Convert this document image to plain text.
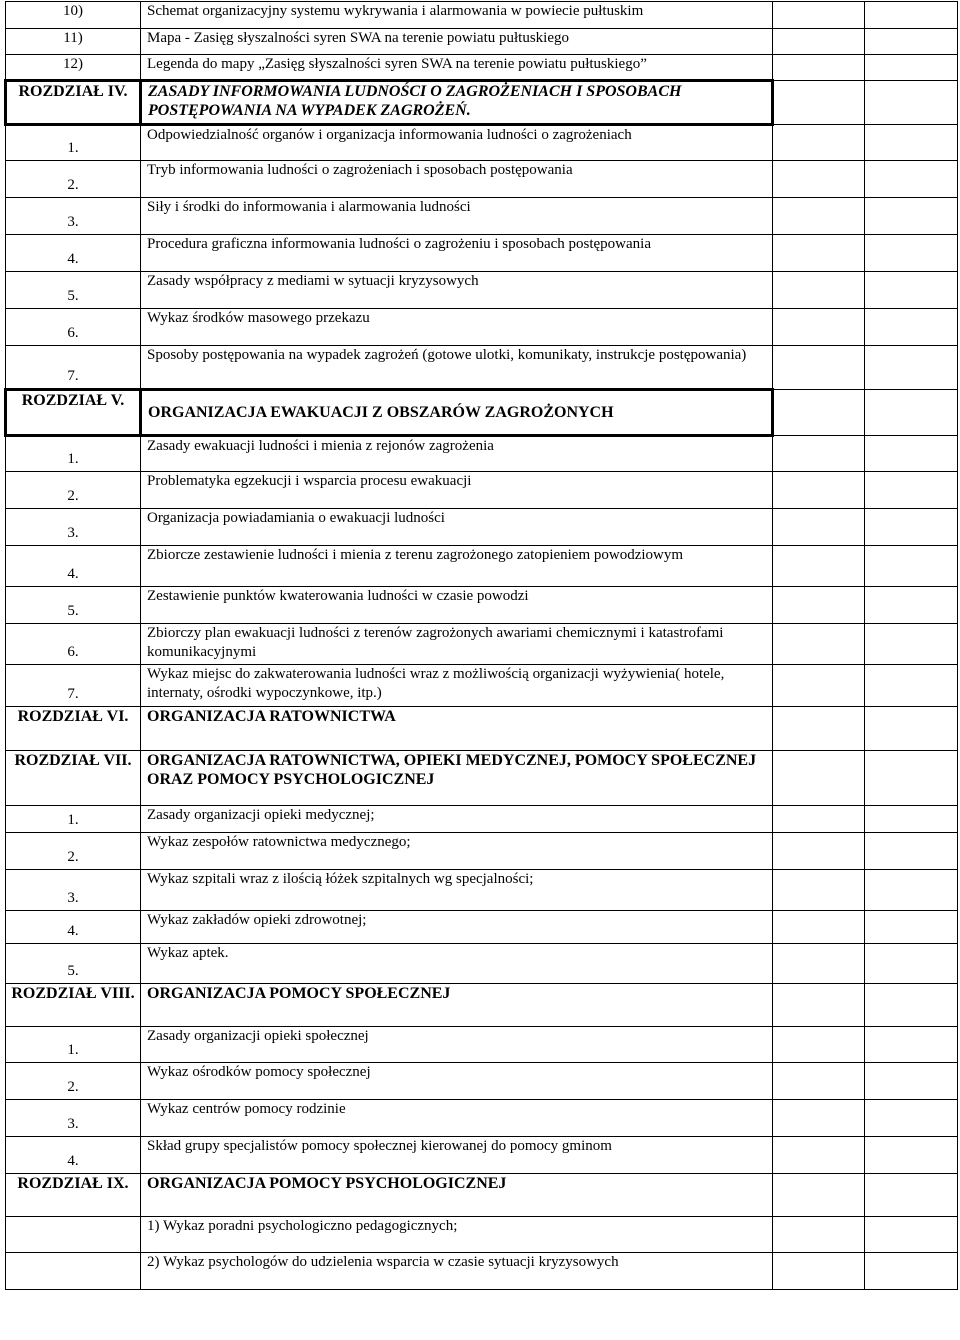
10)	Schemat organizacyjny systemu wykrywania i alarmowania w powiecie pułtuskim		
11)	Mapa - Zasięg słyszalności syren SWA na terenie powiatu pułtuskiego		
12)	Legenda do mapy „Zasięg słyszalności syren SWA na terenie powiatu pułtuskiego”		
ROZDZIAŁ IV.	ZASADY INFORMOWANIA LUDNOŚCI O ZAGROŻENIACH I SPOSOBACH POSTĘPOWANIA NA WYPADEK ZAGROŻEŃ.		
1.	Odpowiedzialność organów i organizacja informowania ludności o zagrożeniach		
2.	Tryb informowania ludności o zagrożeniach i sposobach postępowania		
3.	Siły i środki do informowania i alarmowania ludności		
4.	Procedura graficzna informowania ludności o zagrożeniu i sposobach postępowania		
5.	Zasady współpracy z mediami w sytuacji kryzysowych		
6.	Wykaz środków masowego przekazu		
7.	Sposoby postępowania na wypadek zagrożeń (gotowe ulotki, komunikaty, instrukcje postępowania)		
ROZDZIAŁ V.	ORGANIZACJA EWAKUACJI Z OBSZARÓW ZAGROŻONYCH		
1.	Zasady ewakuacji ludności i mienia z rejonów zagrożenia		
2.	Problematyka egzekucji i wsparcia procesu ewakuacji		
3.	Organizacja powiadamiania o ewakuacji ludności		
4.	Zbiorcze zestawienie ludności i mienia z terenu zagrożonego zatopieniem powodziowym		
5.	Zestawienie punktów kwaterowania ludności w czasie powodzi		
6.	Zbiorczy plan ewakuacji ludności z terenów zagrożonych awariami chemicznymi i katastrofami komunikacyjnymi		
7.	Wykaz miejsc do zakwaterowania ludności wraz z możliwością organizacji wyżywienia( hotele, internaty, ośrodki wypoczynkowe, itp.)		
ROZDZIAŁ VI.	ORGANIZACJA RATOWNICTWA		
ROZDZIAŁ VII.	ORGANIZACJA RATOWNICTWA, OPIEKI MEDYCZNEJ, POMOCY SPOŁECZNEJ ORAZ POMOCY PSYCHOLOGICZNEJ		
1.	Zasady organizacji opieki medycznej;		
2.	Wykaz zespołów ratownictwa medycznego;		
3.	Wykaz szpitali wraz z ilością łóżek szpitalnych wg specjalności;		
4.	Wykaz zakładów opieki zdrowotnej;		
5.	Wykaz aptek.		
ROZDZIAŁ VIII.	ORGANIZACJA POMOCY SPOŁECZNEJ		
1.	Zasady organizacji opieki społecznej		
2.	Wykaz ośrodków pomocy społecznej		
3.	Wykaz centrów pomocy rodzinie		
4.	Skład grupy specjalistów pomocy społecznej kierowanej do pomocy gminom		
ROZDZIAŁ IX.	ORGANIZACJA POMOCY PSYCHOLOGICZNEJ		
	1) Wykaz poradni psychologiczno pedagogicznych;		
	2) Wykaz psychologów do udzielenia wsparcia w czasie sytuacji kryzysowych		
